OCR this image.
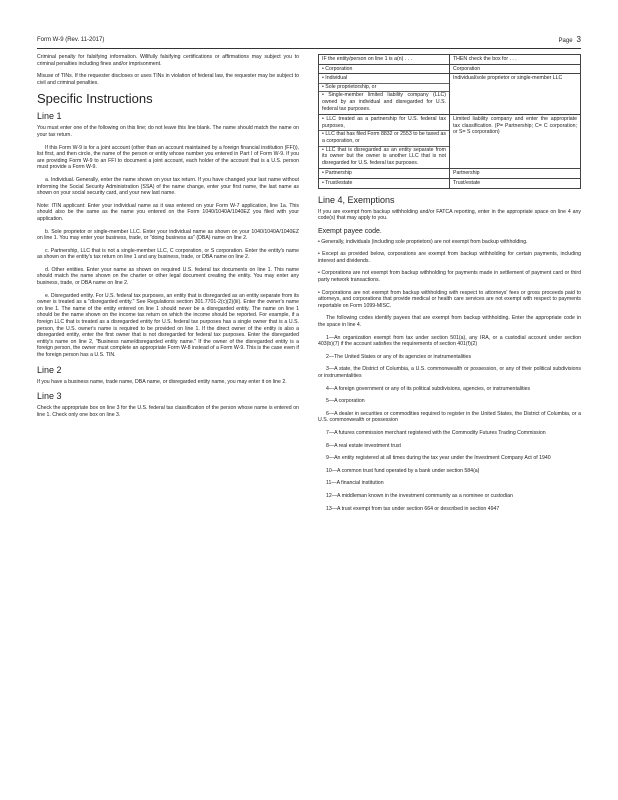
Form W-9 (Rev. 11-2017)	Page 3

Criminal penalty for falsifying information. Willfully falsifying certifications or affirmations may subject you to criminal penalties including fines and/or imprisonment.

Misuse of TINs. If the requester discloses or uses TINs in violation of federal law, the requester may be subject to civil and criminal penalties.

Specific Instructions
Line 1

You must enter one of the following on this line; do not leave this line blank. The name should match the name on your tax return.

If this Form W-9 is for a joint account (other than an account maintained by a foreign financial institution (FFI)), list first, and then circle, the name of the person or entity whose number you entered in Part I of Form W-9. If you are providing Form W-9 to an FFI to document a joint account, each holder of the account that is a U.S. person must provide a Form W-9.

a. Individual. Generally, enter the name shown on your tax return. If you have changed your last name without informing the Social Security Administration (SSA) of the name change, enter your first name, the last name as shown on your social security card, and your new last name.

Note: ITIN applicant: Enter your individual name as it was entered on your Form W-7 application, line 1a. This should also be the same as the name you entered on the Form 1040/1040A/1040EZ you filed with your application.

b. Sole proprietor or single-member LLC. Enter your individual name as shown on your 1040/1040A/1040EZ on line 1. You may enter your business, trade, or "doing business as" (DBA) name on line 2.

c. Partnership, LLC that is not a single-member LLC, C corporation, or S corporation. Enter the entity's name as shown on the entity's tax return on line 1 and any business, trade, or DBA name on line 2.

d. Other entities. Enter your name as shown on required U.S. federal tax documents on line 1. This name should match the name shown on the charter or other legal document creating the entity. You may enter any business, trade, or DBA name on line 2.

e. Disregarded entity. For U.S. federal tax purposes, an entity that is disregarded as an entity separate from its owner is treated as a "disregarded entity." See Regulations section 301.7701-2(c)(2)(iii). Enter the owner's name on line 1. The name of the entity entered on line 1 should never be a disregarded entity. The name on line 1 should be the name shown on the income tax return on which the income should be reported. For example, if a foreign LLC that is treated as a disregarded entity for U.S. federal tax purposes has a single owner that is a U.S. person, the U.S. owner's name is required to be provided on line 1. If the direct owner of the entity is also a disregarded entity, enter the first owner that is not disregarded for federal tax purposes. Enter the disregarded entity's name on line 2, "Business name/disregarded entity name." If the owner of the disregarded entity is a foreign person, the owner must complete an appropriate Form W-8 instead of a Form W-9. This is the case even if the foreign person has a U.S. TIN.

Line 2

If you have a business name, trade name, DBA name, or disregarded entity name, you may enter it on line 2.

Line 3

Check the appropriate box on line 3 for the U.S. federal tax classification of the person whose name is entered on line 1. Check only one box on line 3.

IF the entity/person on line 1 is a(n) . . .	THEN check the box for . . .
• Corporation	Corporation

• Individual
• Sole proprietorship, or
• Single-member limited liability company (LLC) owned by an individual and disregarded for U.S. federal tax purposes.	Individual/sole proprietor or single-member LLC

• LLC treated as a partnership for U.S. federal tax purposes,
• LLC that has filed Form 8832 or 2553 to be taxed as a corporation, or
• LLC that is disregarded as an entity separate from its owner but the owner is another LLC that is not disregarded for U.S. federal tax purposes.	Limited liability company and enter the appropriate tax classification. (P= Partnership; C= C corporation; or S= S corporation)
• Partnership	Partnership
• Trust/estate	Trust/estate
Line 4, Exemptions

If you are exempt from backup withholding and/or FATCA reporting, enter in the appropriate space on line 4 any code(s) that may apply to you.

Exempt payee code.

• Generally, individuals (including sole proprietors) are not exempt from backup withholding.

• Except as provided below, corporations are exempt from backup withholding for certain payments, including interest and dividends.

• Corporations are not exempt from backup withholding for payments made in settlement of payment card or third party network transactions.

• Corporations are not exempt from backup withholding with respect to attorneys' fees or gross proceeds paid to attorneys, and corporations that provide medical or health care services are not exempt with respect to payments reportable on Form 1099-MISC.

The following codes identify payees that are exempt from backup withholding. Enter the appropriate code in the space in line 4.

1—An organization exempt from tax under section 501(a), any IRA, or a custodial account under section 403(b)(7) if the account satisfies the requirements of section 401(f)(2)

2—The United States or any of its agencies or instrumentalities

3—A state, the District of Columbia, a U.S. commonwealth or possession, or any of their political subdivisions or instrumentalities

4—A foreign government or any of its political subdivisions, agencies, or instrumentalities

5—A corporation

6—A dealer in securities or commodities required to register in the United States, the District of Columbia, or a U.S. commonwealth or possession

7—A futures commission merchant registered with the Commodity Futures Trading Commission

8—A real estate investment trust

9—An entity registered at all times during the tax year under the Investment Company Act of 1940

10—A common trust fund operated by a bank under section 584(a)

11—A financial institution

12—A middleman known in the investment community as a nominee or custodian

13—A trust exempt from tax under section 664 or described in section 4947
